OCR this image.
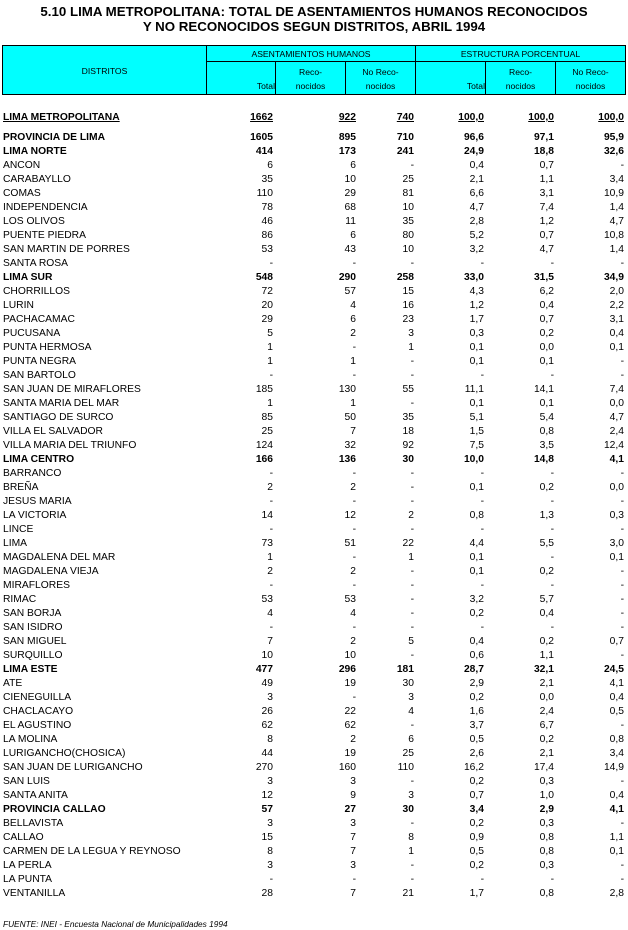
5.10 LIMA METROPOLITANA: TOTAL DE ASENTAMIENTOS HUMANOS RECONOCIDOS
Y NO RECONOCIDOS SEGUN DISTRITOS, ABRIL 1994
DISTRITOS
ASENTAMIENTOS HUMANOS	ESTRUCTURA PORCENTUAL
Total
Reco-
nocidos
No Reco-
nocidos	Total
Reco-
nocidos
No Reco-
nocidos
LIMA METROPOLITANA	1662	922	740	100,0	100,0	100,0
PROVINCIA DE LIMA	1605	895	710	96,6	97,1	95,9
LIMA NORTE	414	173	241	24,9	18,8	32,6
ANCON	6	6	-	0,4	0,7	-
CARABAYLLO	35	10	25	2,1	1,1	3,4
COMAS	110	29	81	6,6	3,1	10,9
INDEPENDENCIA	78	68	10	4,7	7,4	1,4
LOS OLIVOS	46	11	35	2,8	1,2	4,7
PUENTE PIEDRA	86	6	80	5,2	0,7	10,8
SAN MARTIN DE PORRES	53	43	10	3,2	4,7	1,4
SANTA ROSA	-	-	-	-	-	-
LIMA SUR	548	290	258	33,0	31,5	34,9
CHORRILLOS	72	57	15	4,3	6,2	2,0
LURIN	20	4	16	1,2	0,4	2,2
PACHACAMAC	29	6	23	1,7	0,7	3,1
PUCUSANA	5	2	3	0,3	0,2	0,4
PUNTA HERMOSA	1	-	1	0,1	0,0	0,1
PUNTA NEGRA	1	1	-	0,1	0,1	-
SAN BARTOLO	-	-	-	-	-	-
SAN JUAN DE MIRAFLORES	185	130	55	11,1	14,1	7,4
SANTA MARIA DEL MAR	1	1	-	0,1	0,1	0,0
SANTIAGO DE SURCO	85	50	35	5,1	5,4	4,7
VILLA EL SALVADOR	25	7	18	1,5	0,8	2,4
VILLA MARIA DEL TRIUNFO	124	32	92	7,5	3,5	12,4
LIMA CENTRO	166	136	30	10,0	14,8	4,1
BARRANCO	-	-	-	-	-	-
BREÑA	2	2	-	0,1	0,2	0,0
JESUS MARIA	-	-	-	-	-	-
LA VICTORIA	14	12	2	0,8	1,3	0,3
LINCE	-	-	-	-	-	-
LIMA	73	51	22	4,4	5,5	3,0
MAGDALENA DEL MAR	1	-	1	0,1	-	0,1
MAGDALENA VIEJA	2	2	-	0,1	0,2	-
MIRAFLORES	-	-	-	-	-	-
RIMAC	53	53	-	3,2	5,7	-
SAN BORJA	4	4	-	0,2	0,4	-
SAN ISIDRO	-	-	-	-	-	-
SAN MIGUEL	7	2	5	0,4	0,2	0,7
SURQUILLO	10	10	-	0,6	1,1	-
LIMA ESTE	477	296	181	28,7	32,1	24,5
ATE	49	19	30	2,9	2,1	4,1
CIENEGUILLA	3	-	3	0,2	0,0	0,4
CHACLACAYO	26	22	4	1,6	2,4	0,5
EL AGUSTINO	62	62	-	3,7	6,7	-
LA MOLINA	8	2	6	0,5	0,2	0,8
LURIGANCHO(CHOSICA)	44	19	25	2,6	2,1	3,4
SAN JUAN DE LURIGANCHO	270	160	110	16,2	17,4	14,9
SAN LUIS	3	3	-	0,2	0,3	-
SANTA ANITA	12	9	3	0,7	1,0	0,4
PROVINCIA CALLAO	57	27	30	3,4	2,9	4,1
BELLAVISTA	3	3	-	0,2	0,3	-
CALLAO	15	7	8	0,9	0,8	1,1
CARMEN DE LA LEGUA Y REYNOSO	8	7	1	0,5	0,8	0,1
LA PERLA	3	3	-	0,2	0,3	-
LA PUNTA	-	-	-	-	-	-
VENTANILLA	28	7	21	1,7	0,8	2,8
FUENTE: INEI - Encuesta Nacional de Municipalidades 1994
